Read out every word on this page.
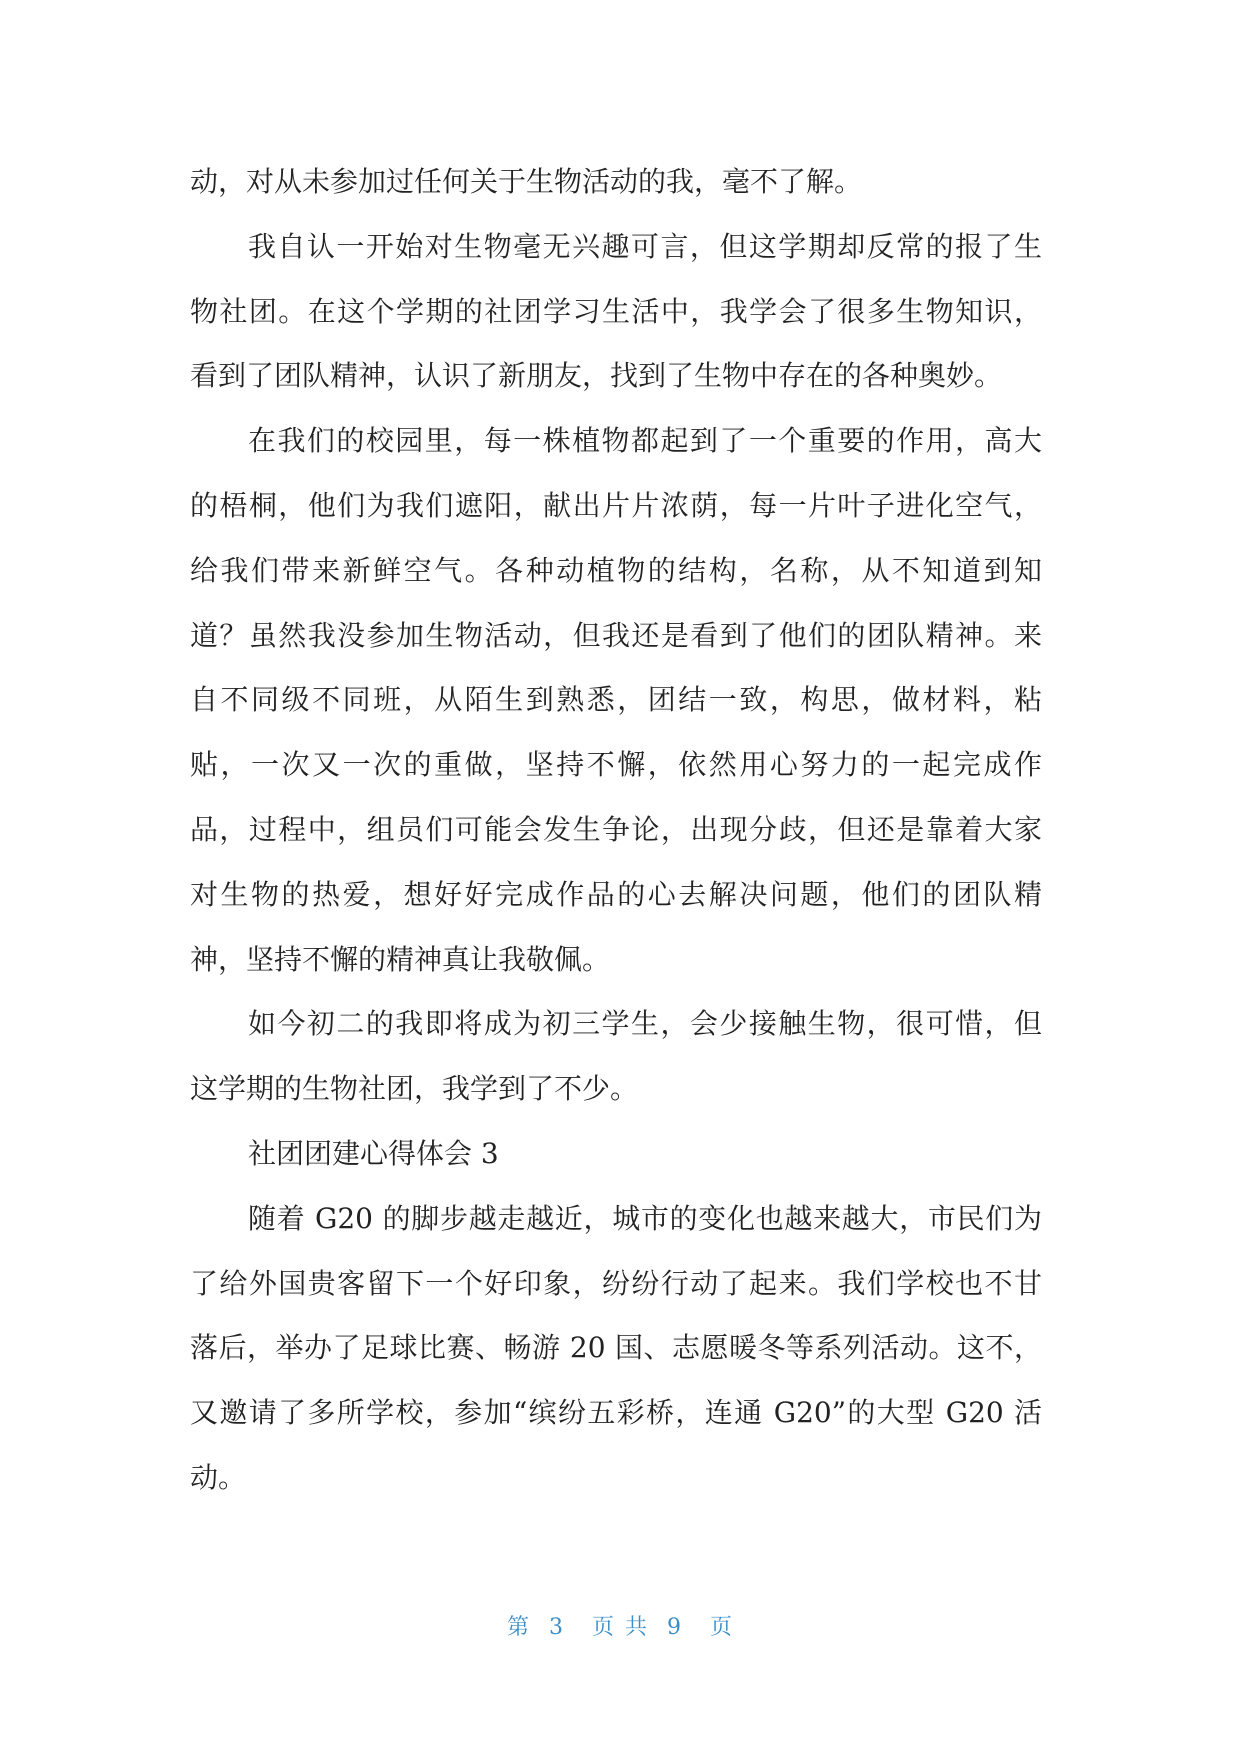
动，对从未参加过任何关于生物活动的我，毫不了解。
我自认一开始对生物毫无兴趣可言，但这学期却反常的报了生
物社团。在这个学期的社团学习生活中，我学会了很多生物知识，
看到了团队精神，认识了新朋友，找到了生物中存在的各种奥妙。
在我们的校园里，每一株植物都起到了一个重要的作用，高大
的梧桐，他们为我们遮阳，献出片片浓荫，每一片叶子进化空气，
给我们带来新鲜空气。各种动植物的结构，名称，从不知道到知
道？虽然我没参加生物活动，但我还是看到了他们的团队精神。来
自不同级不同班，从陌生到熟悉，团结一致，构思，做材料，粘
贴，一次又一次的重做，坚持不懈，依然用心努力的一起完成作
品，过程中，组员们可能会发生争论，出现分歧，但还是靠着大家
对生物的热爱，想好好完成作品的心去解决问题，他们的团队精
神，坚持不懈的精神真让我敬佩。
如今初二的我即将成为初三学生，会少接触生物，很可惜，但
这学期的生物社团，我学到了不少。
社团团建心得体会 3
随着 G20 的脚步越走越近，城市的变化也越来越大，市民们为
了给外国贵客留下一个好印象，纷纷行动了起来。我们学校也不甘
落后，举办了足球比赛、畅游 20 国、志愿暖冬等系列活动。这不，
又邀请了多所学校，参加“缤纷五彩桥，连通 G20”的大型 G20 活
动。
第  3   页 共  9   页
